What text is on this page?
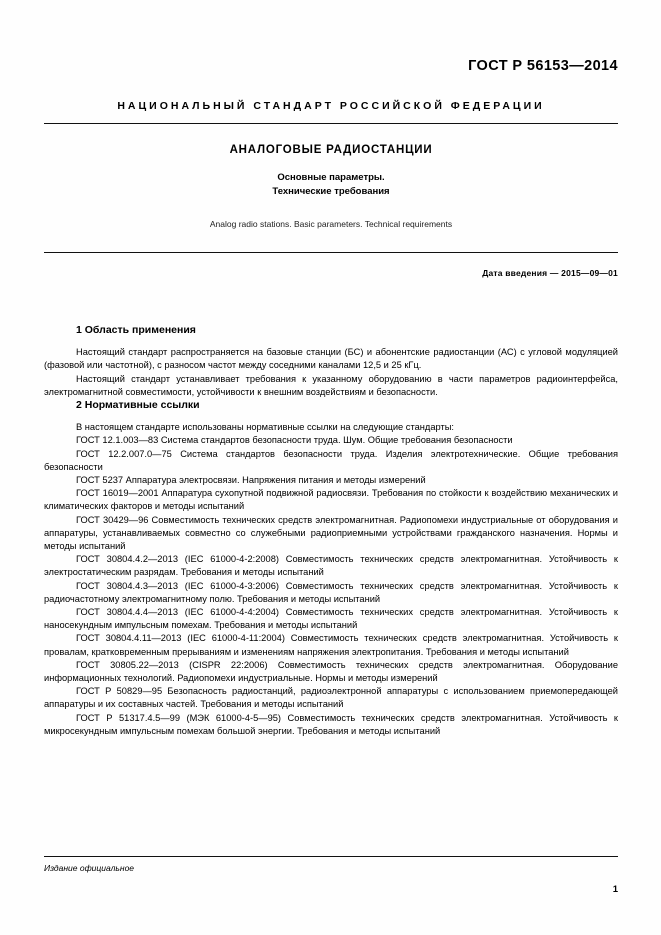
ГОСТ Р 56153—2014
НАЦИОНАЛЬНЫЙ СТАНДАРТ РОССИЙСКОЙ ФЕДЕРАЦИИ
АНАЛОГОВЫЕ РАДИОСТАНЦИИ
Основные параметры.
Технические требования
Analog radio stations. Basic parameters. Technical requirements
Дата введения — 2015—09—01
1 Область применения

Настоящий стандарт распространяется на базовые станции (БС) и абонентские радиостанции (АС) с угловой модуляцией (фазовой или частотной), с разносом частот между соседними каналами 12,5 и 25 кГц.

Настоящий стандарт устанавливает требования к указанному оборудованию в части параметров радиоинтерфейса, электромагнитной совместимости, устойчивости к внешним воздействиям и безопасности.

2 Нормативные ссылки

В настоящем стандарте использованы нормативные ссылки на следующие стандарты:

ГОСТ 12.1.003—83 Система стандартов безопасности труда. Шум. Общие требования безопасности

ГОСТ 12.2.007.0—75 Система стандартов безопасности труда. Изделия электротехнические. Общие требования безопасности

ГОСТ 5237 Аппаратура электросвязи. Напряжения питания и методы измерений

ГОСТ 16019—2001 Аппаратура сухопутной подвижной радиосвязи. Требования по стойкости к воздействию механических и климатических факторов и методы испытаний

ГОСТ 30429—96 Совместимость технических средств электромагнитная. Радиопомехи индустриальные от оборудования и аппаратуры, устанавливаемых совместно со служебными радиоприемными устройствами гражданского назначения. Нормы и методы испытаний

ГОСТ 30804.4.2—2013 (IEC 61000-4-2:2008) Совместимость технических средств электромагнитная. Устойчивость к электростатическим разрядам. Требования и методы испытаний

ГОСТ 30804.4.3—2013 (IEC 61000-4-3:2006) Совместимость технических средств электромагнитная. Устойчивость к радиочастотному электромагнитному полю. Требования и методы испытаний

ГОСТ 30804.4.4—2013 (IEC 61000-4-4:2004) Совместимость технических средств электромагнитная. Устойчивость к наносекундным импульсным помехам. Требования и методы испытаний

ГОСТ 30804.4.11—2013 (IEC 61000-4-11:2004) Совместимость технических средств электромагнитная. Устойчивость к провалам, кратковременным прерываниям и изменениям напряжения электропитания. Требования и методы испытаний

ГОСТ 30805.22—2013 (CISPR 22:2006) Совместимость технических средств электромагнитная. Оборудование информационных технологий. Радиопомехи индустриальные. Нормы и методы измерений

ГОСТ Р 50829—95 Безопасность радиостанций, радиоэлектронной аппаратуры с использованием приемопередающей аппаратуры и их составных частей. Требования и методы испытаний

ГОСТ Р 51317.4.5—99 (МЭК 61000-4-5—95) Совместимость технических средств электромагнитная. Устойчивость к микросекундным импульсным помехам большой энергии. Требования и методы испытаний

Издание официальное
1
